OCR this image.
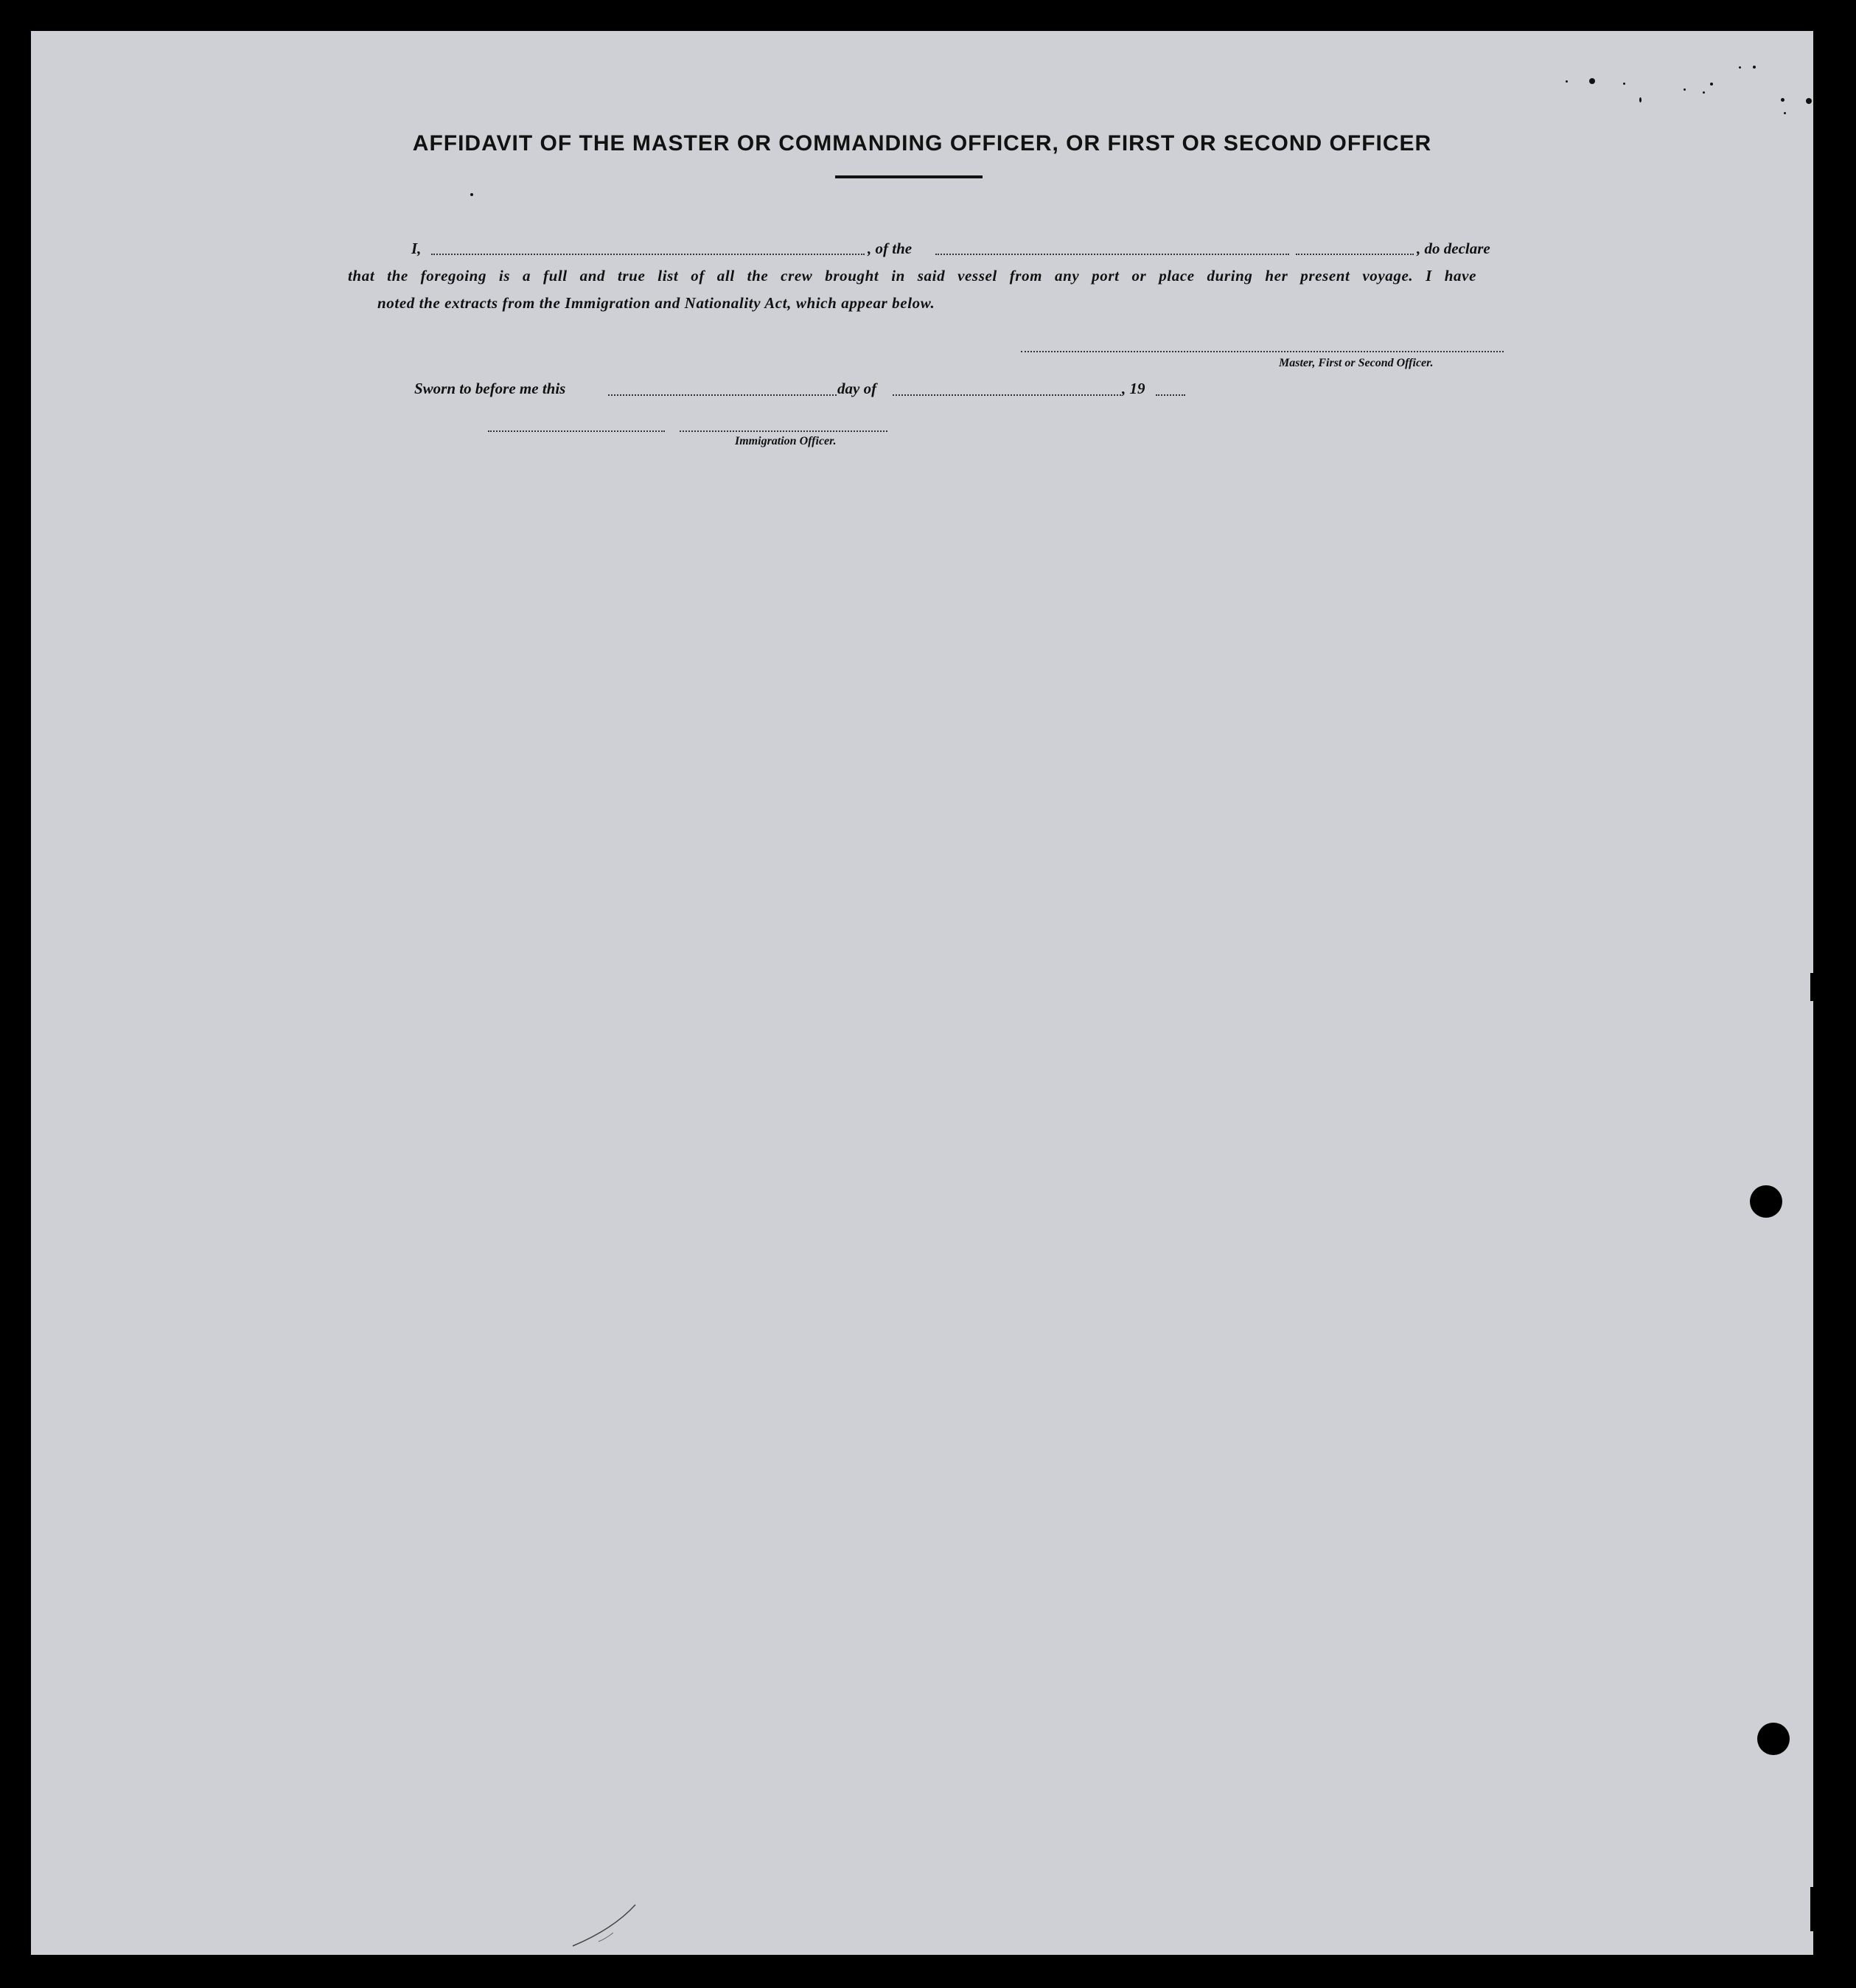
AFFIDAVIT OF THE MASTER OR COMMANDING OFFICER, OR FIRST OR SECOND OFFICER
I,	, of the	, do declare
that the foregoing is a full and true list of all the crew brought in said vessel from any port or place during her present voyage. I have
noted the extracts from the Immigration and Nationality Act, which appear below.
Master, First or Second Officer.
Sworn to before me this	day of	, 19
Immigration Officer.
